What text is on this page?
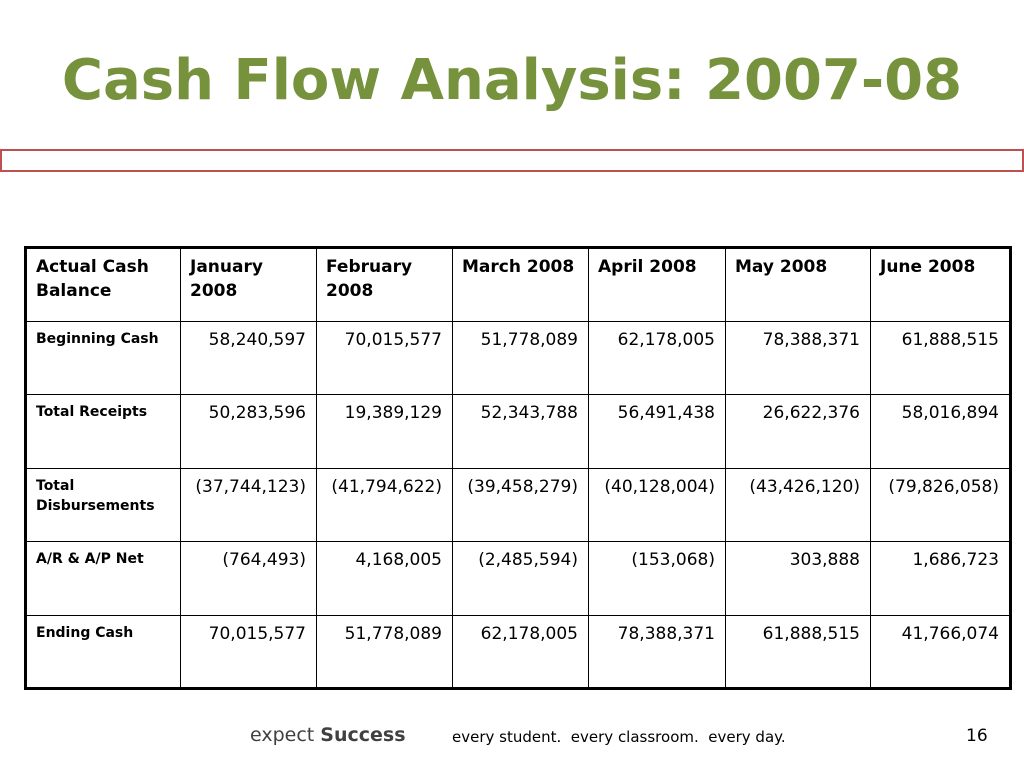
Cash Flow Analysis: 2007-08
Actual Cash Balance	January 2008	February 2008	March 2008	April 2008	May 2008	June 2008
Beginning Cash	58,240,597	70,015,577	51,778,089	62,178,005	78,388,371	61,888,515
Total Receipts	50,283,596	19,389,129	52,343,788	56,491,438	26,622,376	58,016,894
Total Disbursements	(37,744,123)	(41,794,622)	(39,458,279)	(40,128,004)	(43,426,120)	(79,826,058)
A/R & A/P Net	(764,493)	4,168,005	(2,485,594)	(153,068)	303,888	1,686,723
Ending Cash	70,015,577	51,778,089	62,178,005	78,388,371	61,888,515	41,766,074
expect Success	every student.  every classroom.  every day.	16
